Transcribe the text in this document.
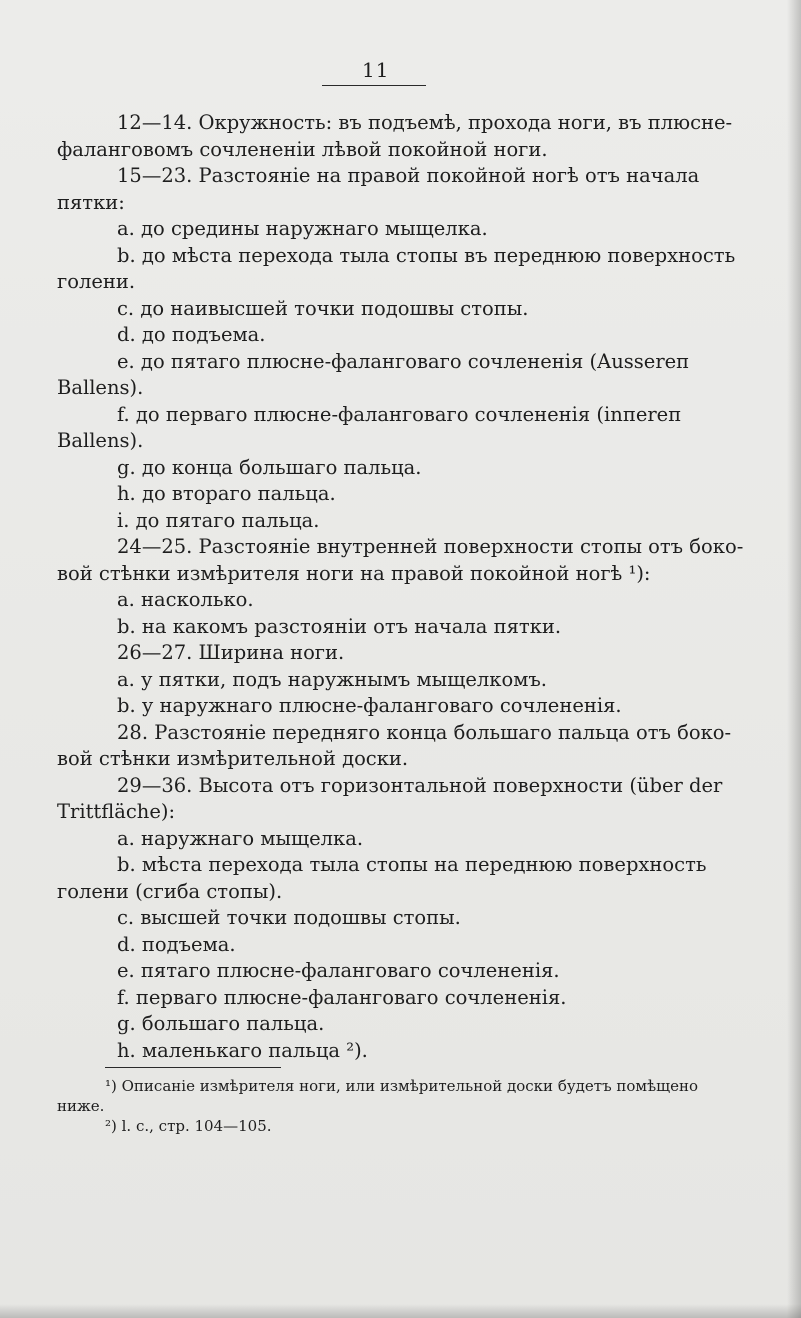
11

12—14. Окружность: въ подъемѣ, прохода ноги, въ плюсне-

фаланговомъ сочлененіи лѣвой покойной ноги.

15—23. Разстояніе на правой покойной ногѣ отъ начала

пятки:

a. до средины наружнаго мыщелка.

b. до мѣста перехода тыла стопы въ переднюю поверхность

голени.

c. до наивысшей точки подошвы стопы.

d. до подъема.

e. до пятаго плюсне-фаланговаго сочлененія (Aussereп Ballens).

f. до перваго плюсне-фаланговаго сочлененія (inпereп Ballens).

g. до конца большаго пальца.

h. до втораго пальца.

i. до пятаго пальца.

24—25. Разстояніе внутренней поверхности стопы отъ боко-

вой стѣнки измѣрителя ноги на правой покойной ногѣ ¹):

a. насколько.

b. на какомъ разстояніи отъ начала пятки.

26—27. Ширина ноги.

a. у пятки, подъ наружнымъ мыщелкомъ.

b. у наружнаго плюсне-фаланговаго сочлененія.

28. Разстояніе передняго конца большаго пальца отъ боко-

вой стѣнки измѣрительной доски.

29—36. Высота отъ горизонтальной поверхности (über der

Trittfläche):

a. наружнаго мыщелка.

b. мѣста перехода тыла стопы на переднюю поверхность

голени (сгиба стопы).

c. высшей точки подошвы стопы.

d. подъема.

e. пятаго плюсне-фаланговаго сочлененія.

f. перваго плюсне-фаланговаго сочлененія.

g. большаго пальца.

h. маленькаго пальца ²).

¹) Описаніе измѣрителя ноги, или измѣрительной доски будетъ помѣщено

ниже.

²) l. c., стр. 104—105.
